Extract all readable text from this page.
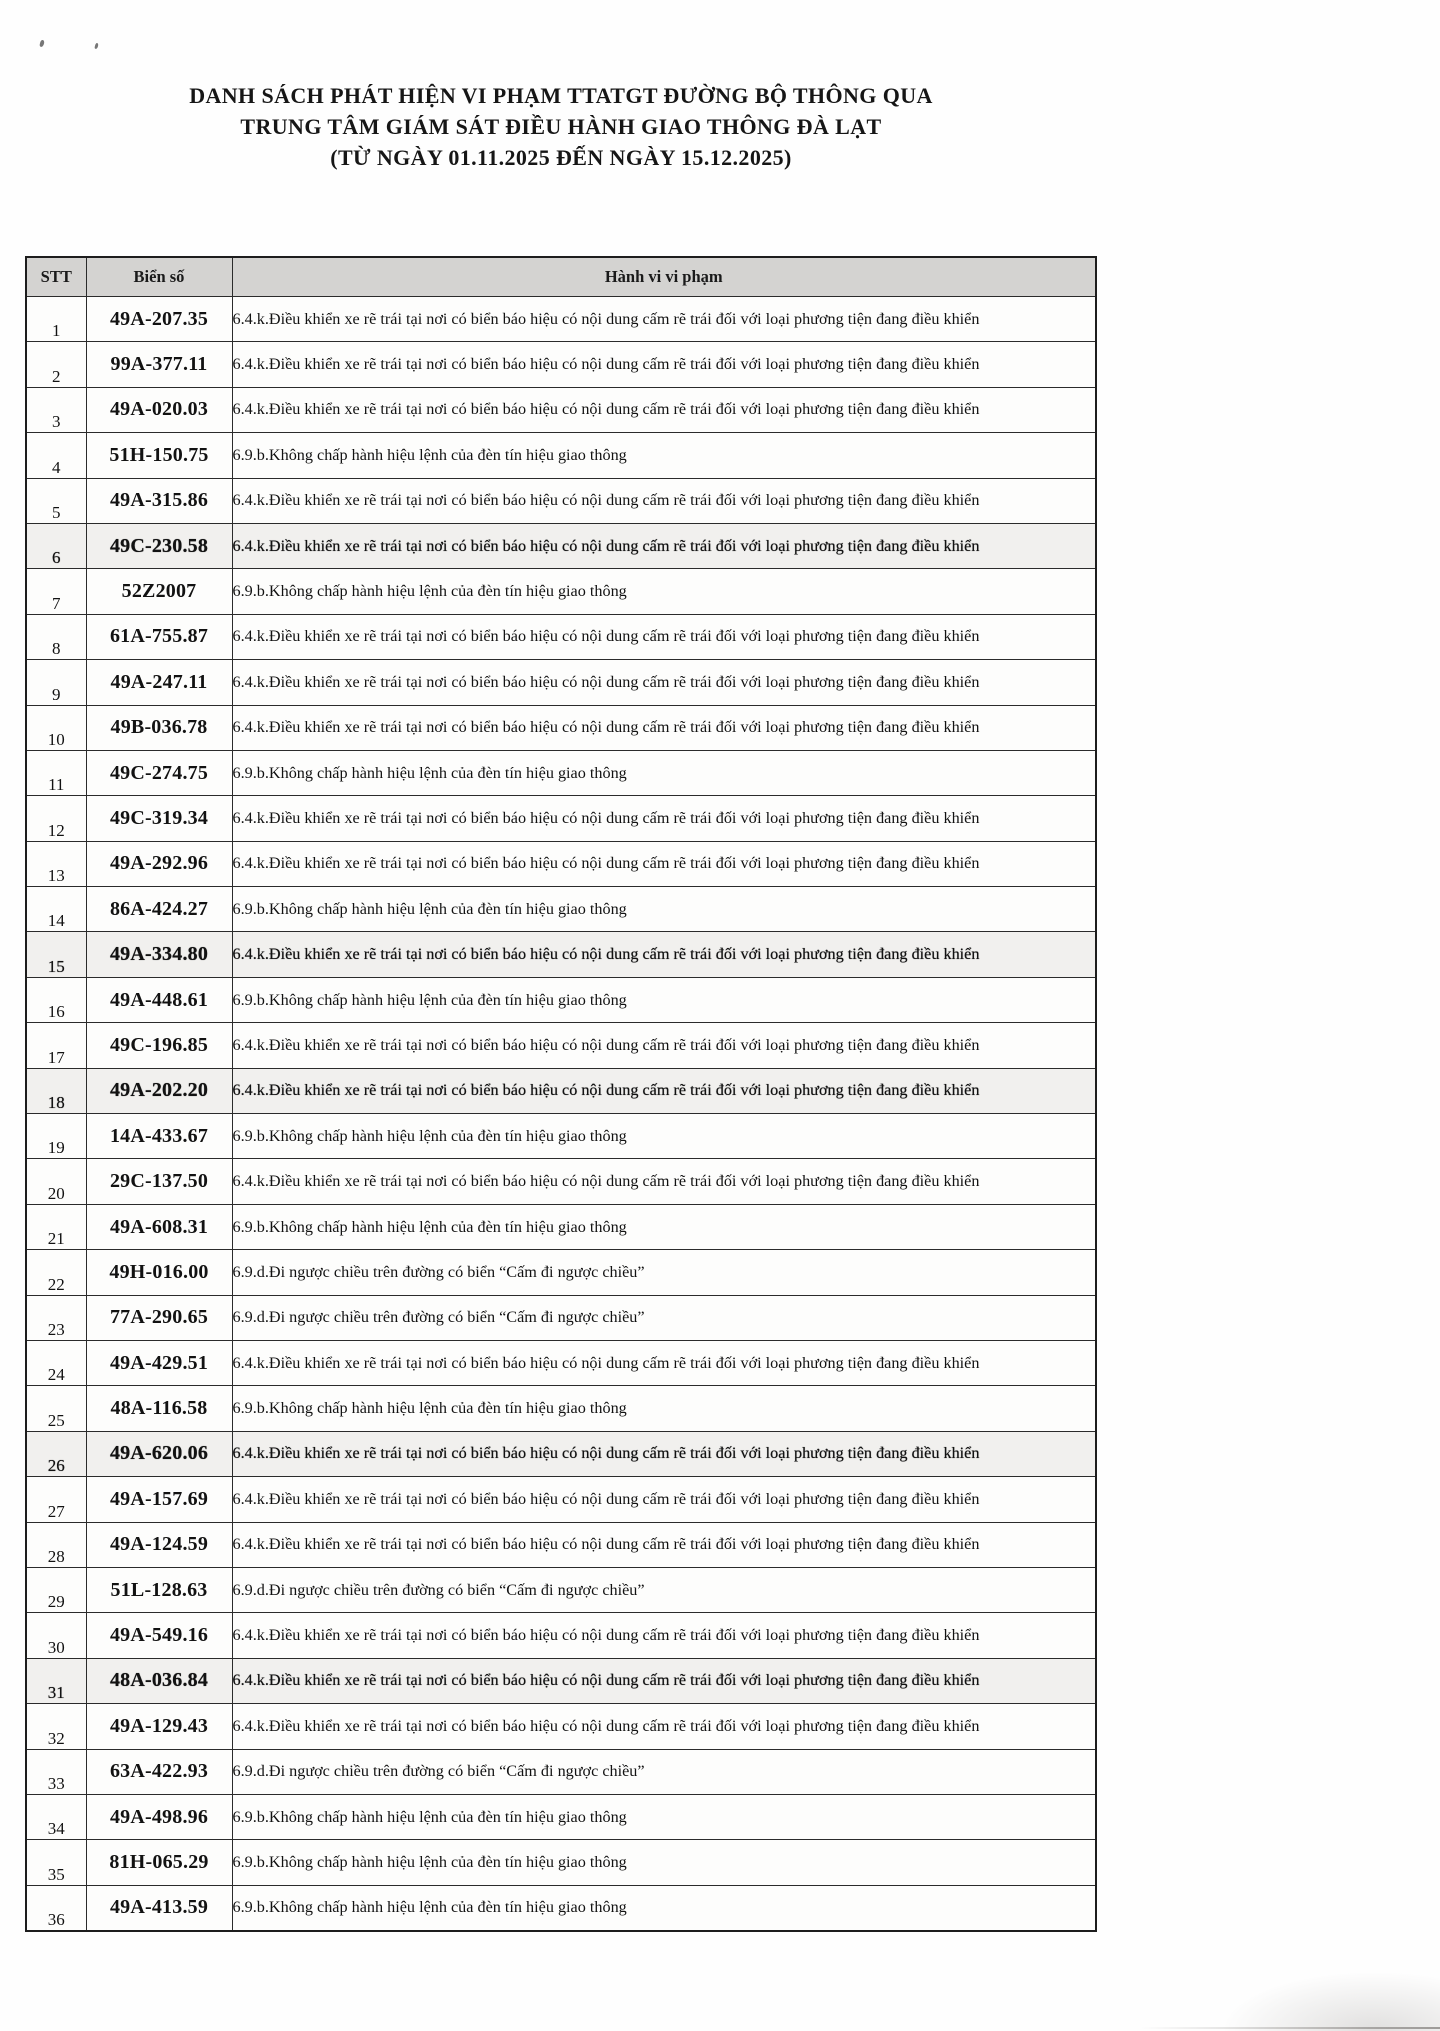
DANH SÁCH PHÁT HIỆN VI PHẠM TTATGT ĐƯỜNG BỘ THÔNG QUA
TRUNG TÂM GIÁM SÁT ĐIỀU HÀNH GIAO THÔNG ĐÀ LẠT
(TỪ NGÀY 01.11.2025 ĐẾN NGÀY 15.12.2025)
STT	Biển số	Hành vi vi phạm
1	49A-207.35	6.4.k.Điều khiển xe rẽ trái tại nơi có biển báo hiệu có nội dung cấm rẽ trái đối với loại phương tiện đang điều khiển
2	99A-377.11	6.4.k.Điều khiển xe rẽ trái tại nơi có biển báo hiệu có nội dung cấm rẽ trái đối với loại phương tiện đang điều khiển
3	49A-020.03	6.4.k.Điều khiển xe rẽ trái tại nơi có biển báo hiệu có nội dung cấm rẽ trái đối với loại phương tiện đang điều khiển
4	51H-150.75	6.9.b.Không chấp hành hiệu lệnh của đèn tín hiệu giao thông
5	49A-315.86	6.4.k.Điều khiển xe rẽ trái tại nơi có biển báo hiệu có nội dung cấm rẽ trái đối với loại phương tiện đang điều khiển
6	49C-230.58	6.4.k.Điều khiển xe rẽ trái tại nơi có biển báo hiệu có nội dung cấm rẽ trái đối với loại phương tiện đang điều khiển
7	52Z2007	6.9.b.Không chấp hành hiệu lệnh của đèn tín hiệu giao thông
8	61A-755.87	6.4.k.Điều khiển xe rẽ trái tại nơi có biển báo hiệu có nội dung cấm rẽ trái đối với loại phương tiện đang điều khiển
9	49A-247.11	6.4.k.Điều khiển xe rẽ trái tại nơi có biển báo hiệu có nội dung cấm rẽ trái đối với loại phương tiện đang điều khiển
10	49B-036.78	6.4.k.Điều khiển xe rẽ trái tại nơi có biển báo hiệu có nội dung cấm rẽ trái đối với loại phương tiện đang điều khiển
11	49C-274.75	6.9.b.Không chấp hành hiệu lệnh của đèn tín hiệu giao thông
12	49C-319.34	6.4.k.Điều khiển xe rẽ trái tại nơi có biển báo hiệu có nội dung cấm rẽ trái đối với loại phương tiện đang điều khiển
13	49A-292.96	6.4.k.Điều khiển xe rẽ trái tại nơi có biển báo hiệu có nội dung cấm rẽ trái đối với loại phương tiện đang điều khiển
14	86A-424.27	6.9.b.Không chấp hành hiệu lệnh của đèn tín hiệu giao thông
15	49A-334.80	6.4.k.Điều khiển xe rẽ trái tại nơi có biển báo hiệu có nội dung cấm rẽ trái đối với loại phương tiện đang điều khiển
16	49A-448.61	6.9.b.Không chấp hành hiệu lệnh của đèn tín hiệu giao thông
17	49C-196.85	6.4.k.Điều khiển xe rẽ trái tại nơi có biển báo hiệu có nội dung cấm rẽ trái đối với loại phương tiện đang điều khiển
18	49A-202.20	6.4.k.Điều khiển xe rẽ trái tại nơi có biển báo hiệu có nội dung cấm rẽ trái đối với loại phương tiện đang điều khiển
19	14A-433.67	6.9.b.Không chấp hành hiệu lệnh của đèn tín hiệu giao thông
20	29C-137.50	6.4.k.Điều khiển xe rẽ trái tại nơi có biển báo hiệu có nội dung cấm rẽ trái đối với loại phương tiện đang điều khiển
21	49A-608.31	6.9.b.Không chấp hành hiệu lệnh của đèn tín hiệu giao thông
22	49H-016.00	6.9.d.Đi ngược chiều trên đường có biển “Cấm đi ngược chiều”
23	77A-290.65	6.9.d.Đi ngược chiều trên đường có biển “Cấm đi ngược chiều”
24	49A-429.51	6.4.k.Điều khiển xe rẽ trái tại nơi có biển báo hiệu có nội dung cấm rẽ trái đối với loại phương tiện đang điều khiển
25	48A-116.58	6.9.b.Không chấp hành hiệu lệnh của đèn tín hiệu giao thông
26	49A-620.06	6.4.k.Điều khiển xe rẽ trái tại nơi có biển báo hiệu có nội dung cấm rẽ trái đối với loại phương tiện đang điều khiển
27	49A-157.69	6.4.k.Điều khiển xe rẽ trái tại nơi có biển báo hiệu có nội dung cấm rẽ trái đối với loại phương tiện đang điều khiển
28	49A-124.59	6.4.k.Điều khiển xe rẽ trái tại nơi có biển báo hiệu có nội dung cấm rẽ trái đối với loại phương tiện đang điều khiển
29	51L-128.63	6.9.d.Đi ngược chiều trên đường có biển “Cấm đi ngược chiều”
30	49A-549.16	6.4.k.Điều khiển xe rẽ trái tại nơi có biển báo hiệu có nội dung cấm rẽ trái đối với loại phương tiện đang điều khiển
31	48A-036.84	6.4.k.Điều khiển xe rẽ trái tại nơi có biển báo hiệu có nội dung cấm rẽ trái đối với loại phương tiện đang điều khiển
32	49A-129.43	6.4.k.Điều khiển xe rẽ trái tại nơi có biển báo hiệu có nội dung cấm rẽ trái đối với loại phương tiện đang điều khiển
33	63A-422.93	6.9.d.Đi ngược chiều trên đường có biển “Cấm đi ngược chiều”
34	49A-498.96	6.9.b.Không chấp hành hiệu lệnh của đèn tín hiệu giao thông
35	81H-065.29	6.9.b.Không chấp hành hiệu lệnh của đèn tín hiệu giao thông
36	49A-413.59	6.9.b.Không chấp hành hiệu lệnh của đèn tín hiệu giao thông
